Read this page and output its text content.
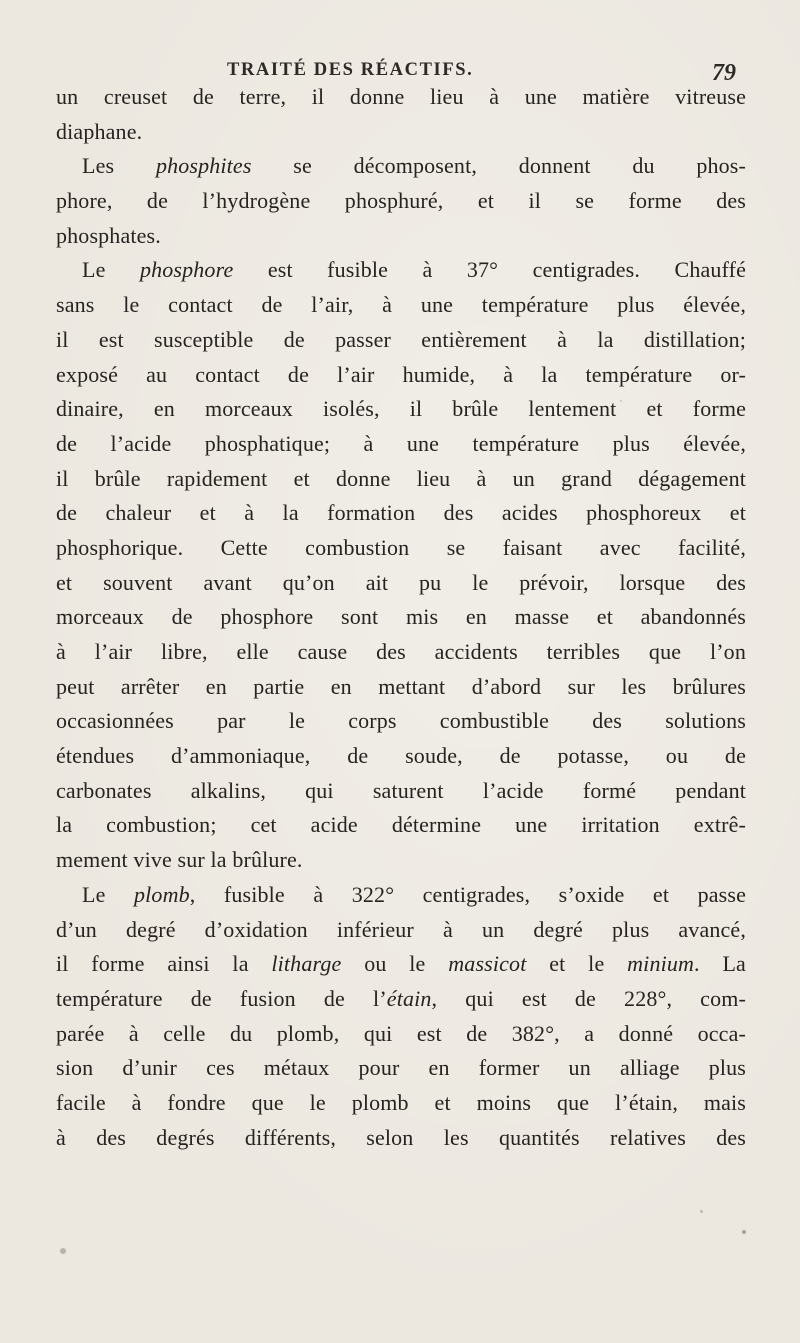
TRAITÉ DES RÉACTIFS.	79
un creuset de terre, il donne lieu à une matière vitreuse
diaphane.
Les phosphites se décomposent, donnent du phos-
phore, de l’hydrogène phosphuré, et il se forme des
phosphates.
Le phosphore est fusible à 37° centigrades. Chauffé
sans le contact de l’air, à une température plus élevée,
il est susceptible de passer entièrement à la distillation;
exposé au contact de l’air humide, à la température or-
dinaire, en morceaux isolés, il brûle lentement et forme
de l’acide phosphatique; à une température plus élevée,
il brûle rapidement et donne lieu à un grand dégagement
de chaleur et à la formation des acides phosphoreux et
phosphorique. Cette combustion se faisant avec facilité,
et souvent avant qu’on ait pu le prévoir, lorsque des
morceaux de phosphore sont mis en masse et abandonnés
à l’air libre, elle cause des accidents terribles que l’on
peut arrêter en partie en mettant d’abord sur les brûlures
occasionnées par le corps combustible des solutions
étendues d’ammoniaque, de soude, de potasse, ou de
carbonates alkalins, qui saturent l’acide formé pendant
la combustion; cet acide détermine une irritation extrê-
mement vive sur la brûlure.
Le plomb, fusible à 322° centigrades, s’oxide et passe
d’un degré d’oxidation inférieur à un degré plus avancé,
il forme ainsi la litharge ou le massicot et le minium. La
température de fusion de l’étain, qui est de 228°, com-
parée à celle du plomb, qui est de 382°, a donné occa-
sion d’unir ces métaux pour en former un alliage plus
facile à fondre que le plomb et moins que l’étain, mais
à des degrés différents, selon les quantités relatives des
